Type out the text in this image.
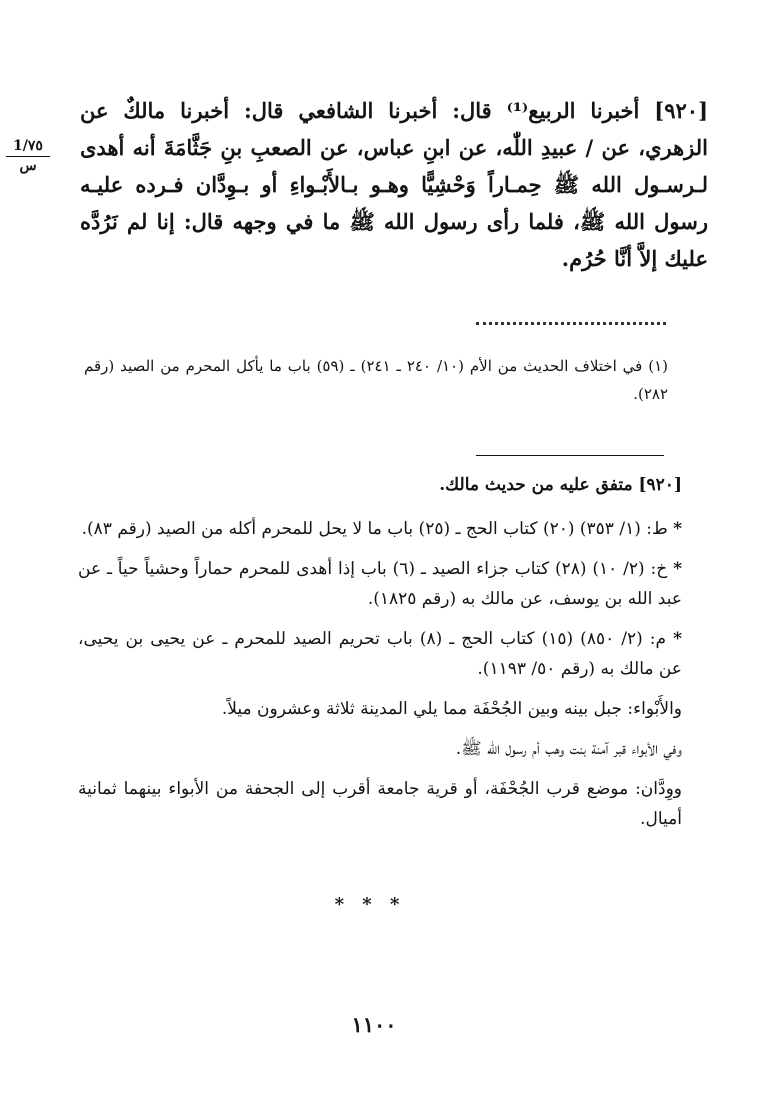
[٩٢٠] أخبرنا الربيع⁽¹⁾ قال: أخبرنا الشافعي قال: أخبرنا مالكٌ عن الزهري، عن / عبيدِ اللّٰه، عن ابنِ عباس، عن الصعبِ بنِ جَثَّامَةَ أنه أهدى لـرسـول الله ﷺ حِمـاراً وَحْشِيًّا وهـو بـالأَبْـواءِ أو بـوِدَّان فـرده عليـه رسول الله ﷺ، فلما رأى رسول الله ﷺ ما في وجهه قال: إنا لم نَرُدَّه عليك إلاَّ أنَّا حُرُم.

1/٧٥
س

(١) في اختلاف الحديث من الأم (١٠/ ٢٤٠ ـ ٢٤١) ـ (٥٩) باب ما يأكل المحرم من الصيد (رقم ٢٨٢).

[٩٢٠] متفق عليه من حديث مالك.

* ط: (١/ ٣٥٣) (٢٠) كتاب الحج ـ (٢٥) باب ما لا يحل للمحرم أكله من الصيد (رقم ٨٣).

* خ: (٢/ ١٠) (٢٨) كتاب جزاء الصيد ـ (٦) باب إذا أهدى للمحرم حماراً وحشياً حياً ـ عن عبد الله بن يوسف، عن مالك به (رقم ١٨٢٥).

* م: (٢/ ٨٥٠) (١٥) كتاب الحج ـ (٨) باب تحريم الصيد للمحرم ـ عن يحيى بن يحيى، عن مالك به (رقم ٥٠/ ١١٩٣).

والأَبْواء: جبل بينه وبين الجُحْفَة مما يلي المدينة ثلاثة وعشرون ميلاً.

وفي الأبواء قبر آمنة بنت وهب أم رسول الله ﷺ.

ووِدَّان: موضع قرب الجُحْفَة، أو قرية جامعة أقرب إلى الجحفة من الأبواء بينهما ثمانية أميال.

* * *
١١٠٠
